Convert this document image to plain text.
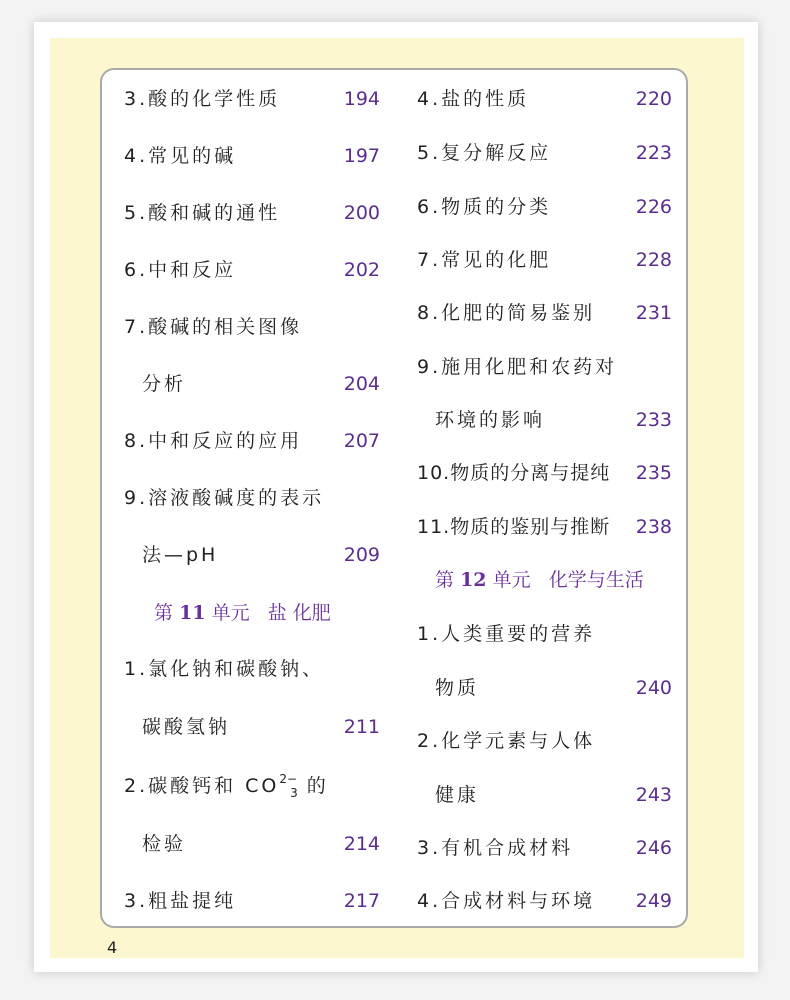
3.酸的化学性质	194
4.常见的碱	197
5.酸和碱的通性	200
6.中和反应	202
7.酸碱的相关图像
分析	204
8.中和反应的应用	207
9.溶液酸碱度的表示
法—pH	209
第 11 单元 盐 化肥
1.氯化钠和碳酸钠、
碳酸氢钠	211
2.碳酸钙和 $CO^{2-}_3$ 的
检验	214
3.粗盐提纯	217
4.盐的性质	220
5.复分解反应	223
6.物质的分类	226
7.常见的化肥	228
8.化肥的简易鉴别	231
9.施用化肥和农药对
环境的影响	233
10.物质的分离与提纯	235
11.物质的鉴别与推断	238
第 12 单元 化学与生活
1.人类重要的营养
物质	240
2.化学元素与人体
健康	243
3.有机合成材料	246
4.合成材料与环境	249
4
